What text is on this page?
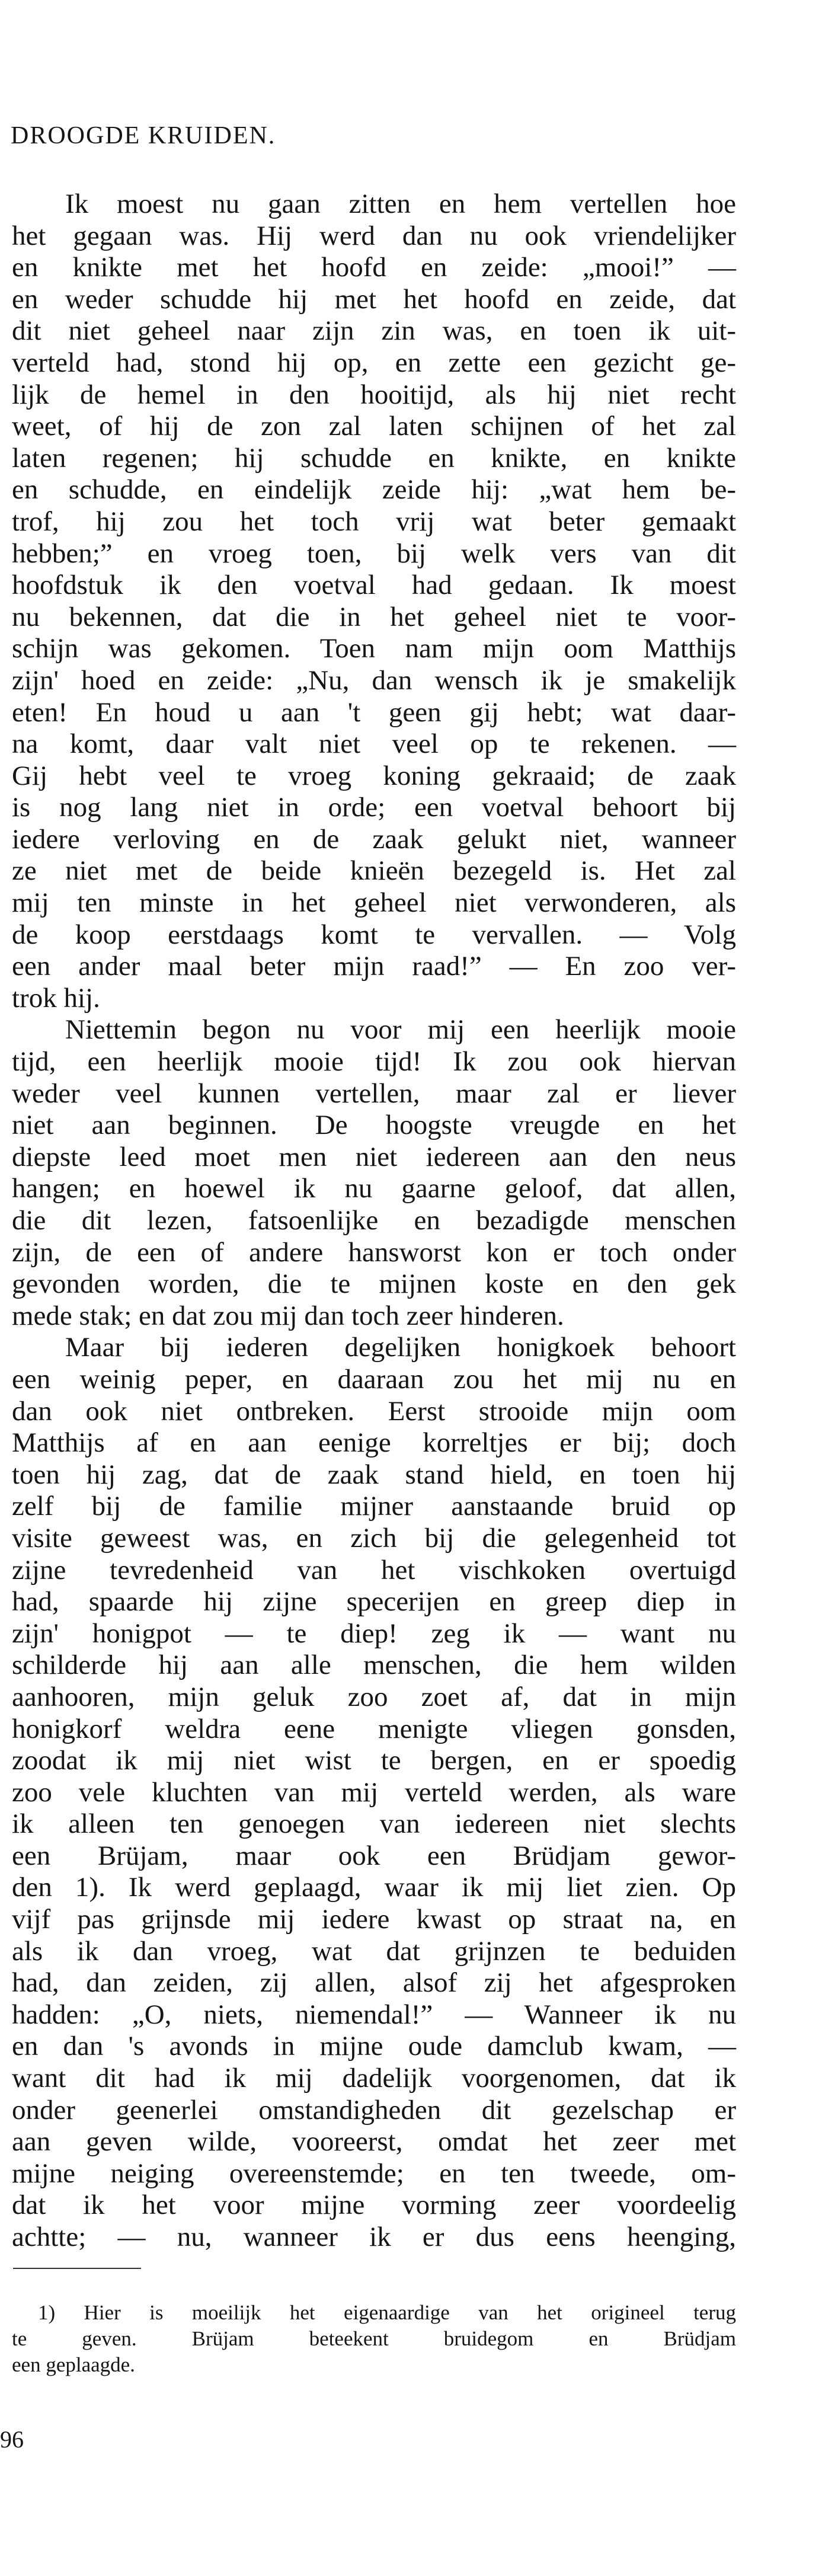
DROOGDE KRUIDEN.
Ik moest nu gaan zitten en hem vertellen hoe
het gegaan was. Hij werd dan nu ook vriendelijker
en knikte met het hoofd en zeide: „mooi!” —
en weder schudde hij met het hoofd en zeide, dat
dit niet geheel naar zijn zin was, en toen ik uit-
verteld had, stond hij op, en zette een gezicht ge-
lijk de hemel in den hooitijd, als hij niet recht
weet, of hij de zon zal laten schijnen of het zal
laten regenen; hij schudde en knikte, en knikte
en schudde, en eindelijk zeide hij: „wat hem be-
trof, hij zou het toch vrij wat beter gemaakt
hebben;” en vroeg toen, bij welk vers van dit
hoofdstuk ik den voetval had gedaan. Ik moest
nu bekennen, dat die in het geheel niet te voor-
schijn was gekomen. Toen nam mijn oom Matthijs
zijn' hoed en zeide: „Nu, dan wensch ik je smakelijk
eten! En houd u aan 't geen gij hebt; wat daar-
na komt, daar valt niet veel op te rekenen. —
Gij hebt veel te vroeg koning gekraaid; de zaak
is nog lang niet in orde; een voetval behoort bij
iedere verloving en de zaak gelukt niet, wanneer
ze niet met de beide knieën bezegeld is. Het zal
mij ten minste in het geheel niet verwonderen, als
de koop eerstdaags komt te vervallen. — Volg
een ander maal beter mijn raad!” — En zoo ver-
trok hij.
Niettemin begon nu voor mij een heerlijk mooie
tijd, een heerlijk mooie tijd! Ik zou ook hiervan
weder veel kunnen vertellen, maar zal er liever
niet aan beginnen. De hoogste vreugde en het
diepste leed moet men niet iedereen aan den neus
hangen; en hoewel ik nu gaarne geloof, dat allen,
die dit lezen, fatsoenlijke en bezadigde menschen
zijn, de een of andere hansworst kon er toch onder
gevonden worden, die te mijnen koste en den gek
mede stak; en dat zou mij dan toch zeer hinderen.
Maar bij iederen degelijken honigkoek behoort
een weinig peper, en daaraan zou het mij nu en
dan ook niet ontbreken. Eerst strooide mijn oom
Matthijs af en aan eenige korreltjes er bij; doch
toen hij zag, dat de zaak stand hield, en toen hij
zelf bij de familie mijner aanstaande bruid op
visite geweest was, en zich bij die gelegenheid tot
zijne tevredenheid van het vischkoken overtuigd
had, spaarde hij zijne specerijen en greep diep in
zijn' honigpot — te diep! zeg ik — want nu
schilderde hij aan alle menschen, die hem wilden
aanhooren, mijn geluk zoo zoet af, dat in mijn
honigkorf weldra eene menigte vliegen gonsden,
zoodat ik mij niet wist te bergen, en er spoedig
zoo vele kluchten van mij verteld werden, als ware
ik alleen ten genoegen van iedereen niet slechts
een Brüjam, maar ook een Brüdjam gewor-
den 1). Ik werd geplaagd, waar ik mij liet zien. Op
vijf pas grijnsde mij iedere kwast op straat na, en
als ik dan vroeg, wat dat grijnzen te beduiden
had, dan zeiden, zij allen, alsof zij het afgesproken
hadden: „O, niets, niemendal!” — Wanneer ik nu
en dan 's avonds in mijne oude damclub kwam, —
want dit had ik mij dadelijk voorgenomen, dat ik
onder geenerlei omstandigheden dit gezelschap er
aan geven wilde, vooreerst, omdat het zeer met
mijne neiging overeenstemde; en ten tweede, om-
dat ik het voor mijne vorming zeer voordeelig
achtte; — nu, wanneer ik er dus eens heenging,
1) Hier is moeilijk het eigenaardige van het origineel terug
te geven. Brüjam beteekent bruidegom en Brüdjam
een geplaagde.
96
